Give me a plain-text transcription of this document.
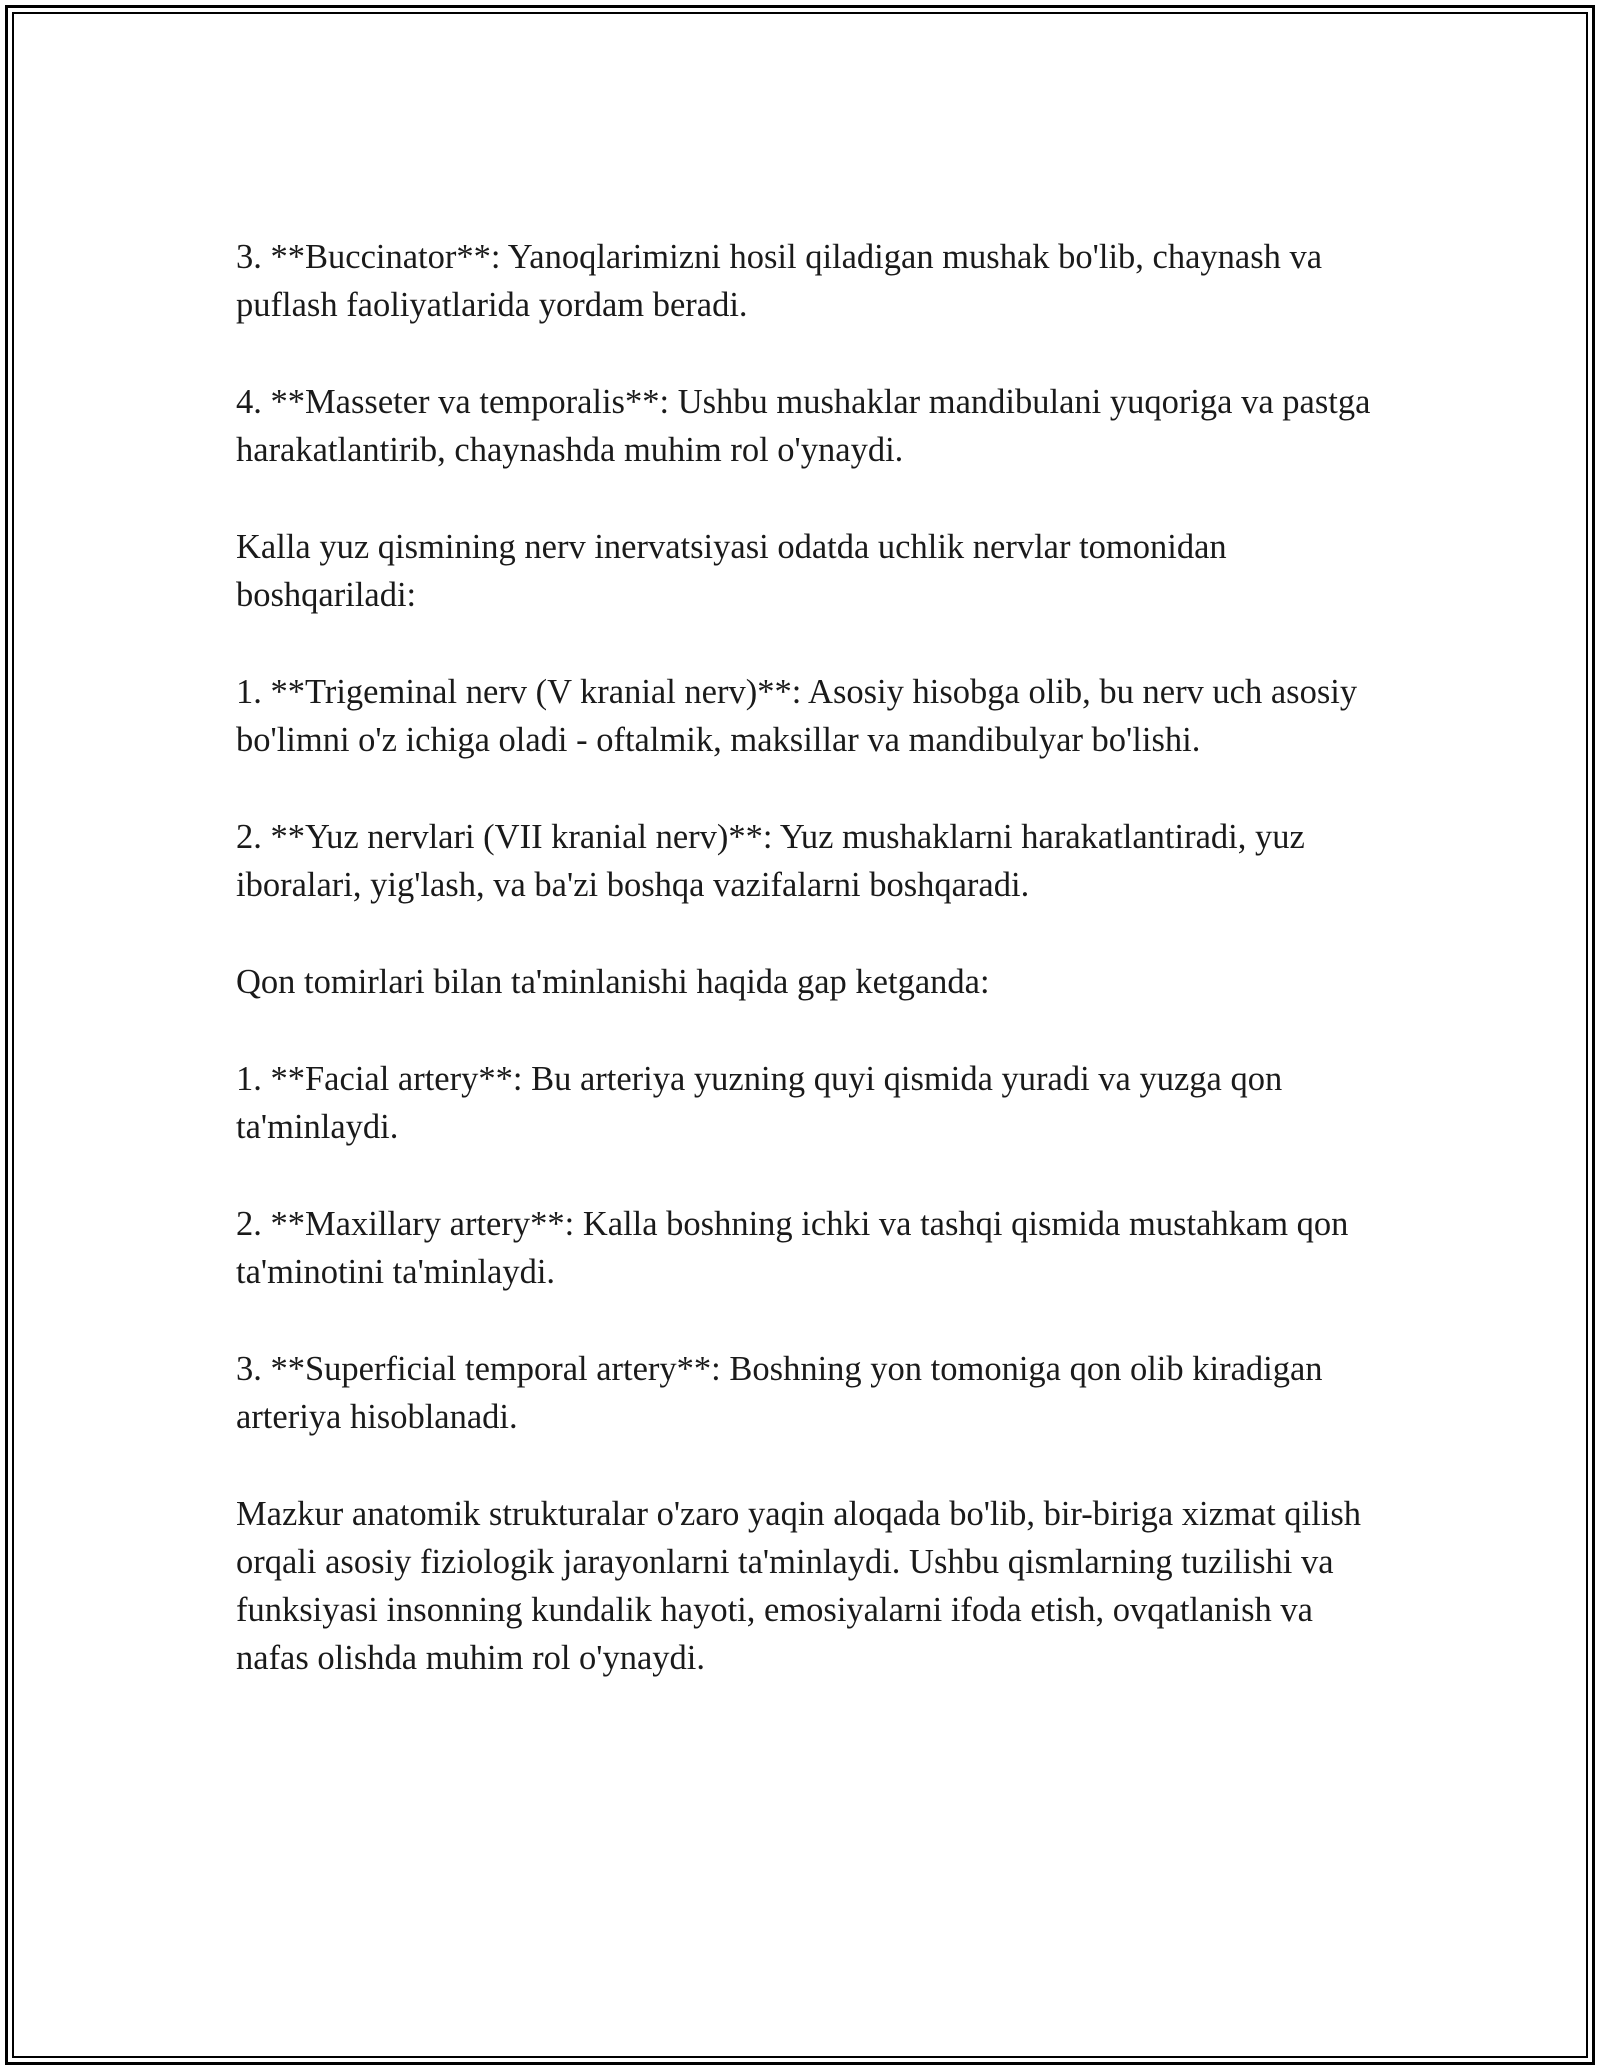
3. **Buccinator**: Yanoqlarimizni hosil qiladigan mushak bo'lib, chaynash va puflash faoliyatlarida yordam beradi.

4. **Masseter va temporalis**: Ushbu mushaklar mandibulani yuqoriga va pastga harakatlantirib, chaynashda muhim rol o'ynaydi.

Kalla yuz qismining nerv inervatsiyasi odatda uchlik nervlar tomonidan boshqariladi:

1. **Trigeminal nerv (V kranial nerv)**: Asosiy hisobga olib, bu nerv uch asosiy bo'limni o'z ichiga oladi - oftalmik, maksillar va mandibulyar bo'lishi.

2. **Yuz nervlari (VII kranial nerv)**: Yuz mushaklarni harakatlantiradi, yuz iboralari, yig'lash, va ba'zi boshqa vazifalarni boshqaradi.

Qon tomirlari bilan ta'minlanishi haqida gap ketganda:

1. **Facial artery**: Bu arteriya yuzning quyi qismida yuradi va yuzga qon ta'minlaydi.

2. **Maxillary artery**: Kalla boshning ichki va tashqi qismida mustahkam qon ta'minotini ta'minlaydi.

3. **Superficial temporal artery**: Boshning yon tomoniga qon olib kiradigan arteriya hisoblanadi.

Mazkur anatomik strukturalar o'zaro yaqin aloqada bo'lib, bir-biriga xizmat qilish orqali asosiy fiziologik jarayonlarni ta'minlaydi. Ushbu qismlarning tuzilishi va funksiyasi insonning kundalik hayoti, emosiyalarni ifoda etish, ovqatlanish va nafas olishda muhim rol o'ynaydi.
